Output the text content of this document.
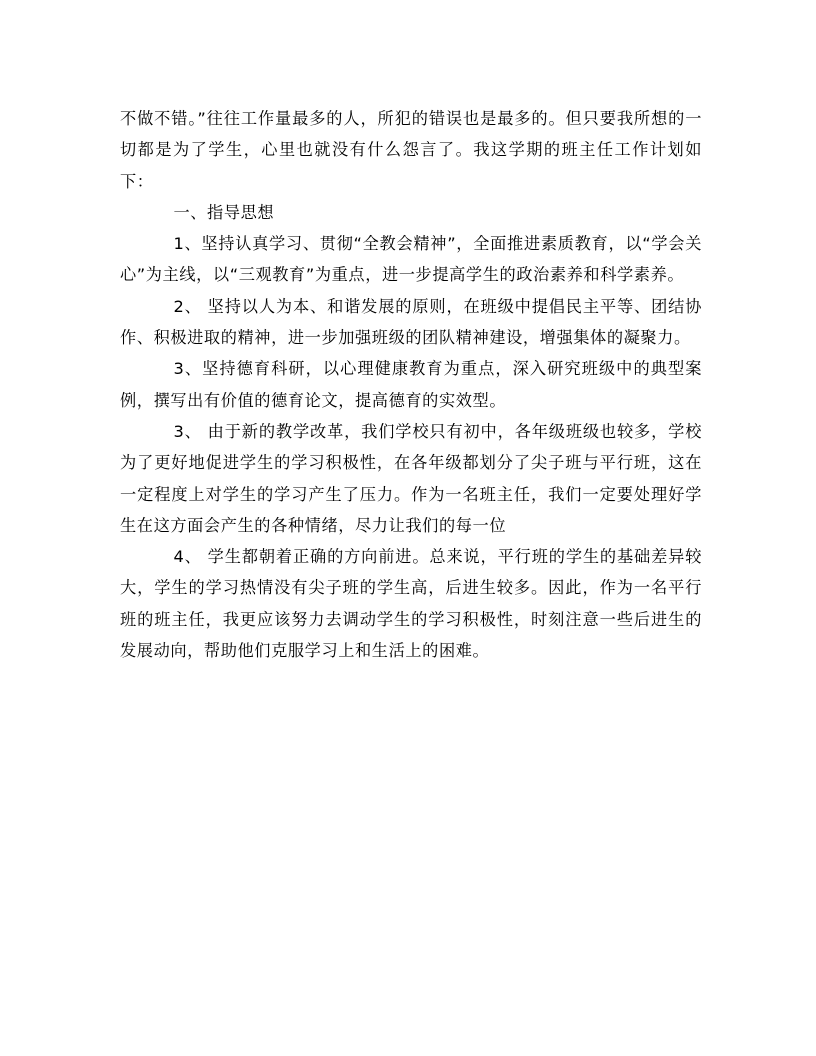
不做不错。”往往工作量最多的人，所犯的错误也是最多的。但只要我所想的一切都是为了学生，心里也就没有什么怨言了。我这学期的班主任工作计划如下：

一、指导思想

1、坚持认真学习、贯彻“全教会精神”，全面推进素质教育，以“学会关心”为主线，以“三观教育”为重点，进一步提高学生的政治素养和科学素养。

2、 坚持以人为本、和谐发展的原则，在班级中提倡民主平等、团结协作、积极进取的精神，进一步加强班级的团队精神建设，增强集体的凝聚力。

3、坚持德育科研，以心理健康教育为重点，深入研究班级中的典型案例，撰写出有价值的德育论文，提高德育的实效型。

3、 由于新的教学改革，我们学校只有初中，各年级班级也较多，学校为了更好地促进学生的学习积极性，在各年级都划分了尖子班与平行班，这在一定程度上对学生的学习产生了压力。作为一名班主任，我们一定要处理好学生在这方面会产生的各种情绪，尽力让我们的每一位

4、 学生都朝着正确的方向前进。总来说，平行班的学生的基础差异较大，学生的学习热情没有尖子班的学生高，后进生较多。因此，作为一名平行班的班主任，我更应该努力去调动学生的学习积极性，时刻注意一些后进生的发展动向，帮助他们克服学习上和生活上的困难。
